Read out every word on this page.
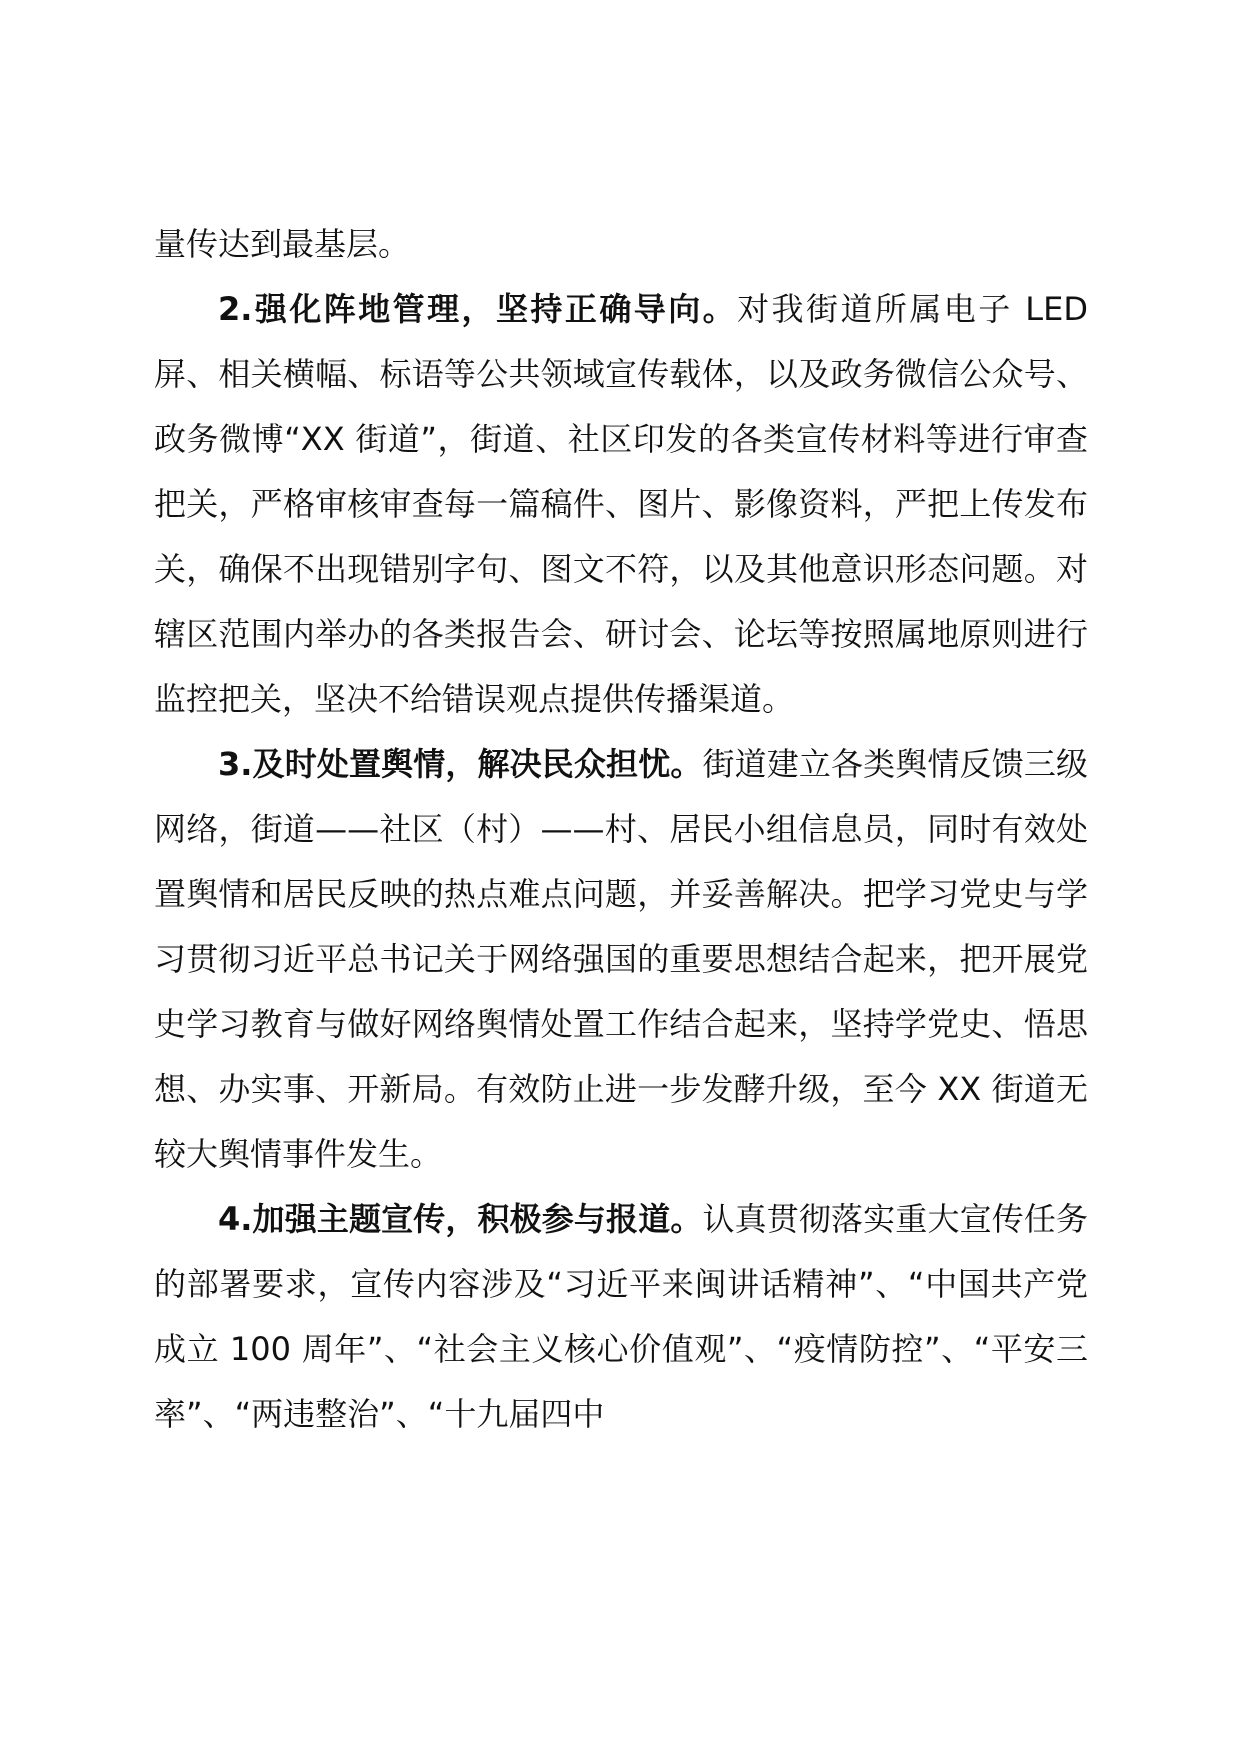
量传达到最基层。

2.强化阵地管理，坚持正确导向。对我街道所属电子 LED 屏、相关横幅、标语等公共领域宣传载体，以及政务微信公众号、政务微博“XX 街道”，街道、社区印发的各类宣传材料等进行审查把关，严格审核审查每一篇稿件、图片、影像资料，严把上传发布关，确保不出现错别字句、图文不符，以及其他意识形态问题。对辖区范围内举办的各类报告会、研讨会、论坛等按照属地原则进行监控把关，坚决不给错误观点提供传播渠道。

3.及时处置舆情，解决民众担忧。街道建立各类舆情反馈三级网络，街道——社区（村）——村、居民小组信息员，同时有效处置舆情和居民反映的热点难点问题，并妥善解决。把学习党史与学习贯彻习近平总书记关于网络强国的重要思想结合起来，把开展党史学习教育与做好网络舆情处置工作结合起来，坚持学党史、悟思想、办实事、开新局。有效防止进一步发酵升级，至今 XX 街道无较大舆情事件发生。

4.加强主题宣传，积极参与报道。认真贯彻落实重大宣传任务的部署要求，宣传内容涉及“习近平来闽讲话精神”、“中国共产党成立 100 周年”、“社会主义核心价值观”、“疫情防控”、“平安三率”、“两违整治”、“十九届四中
